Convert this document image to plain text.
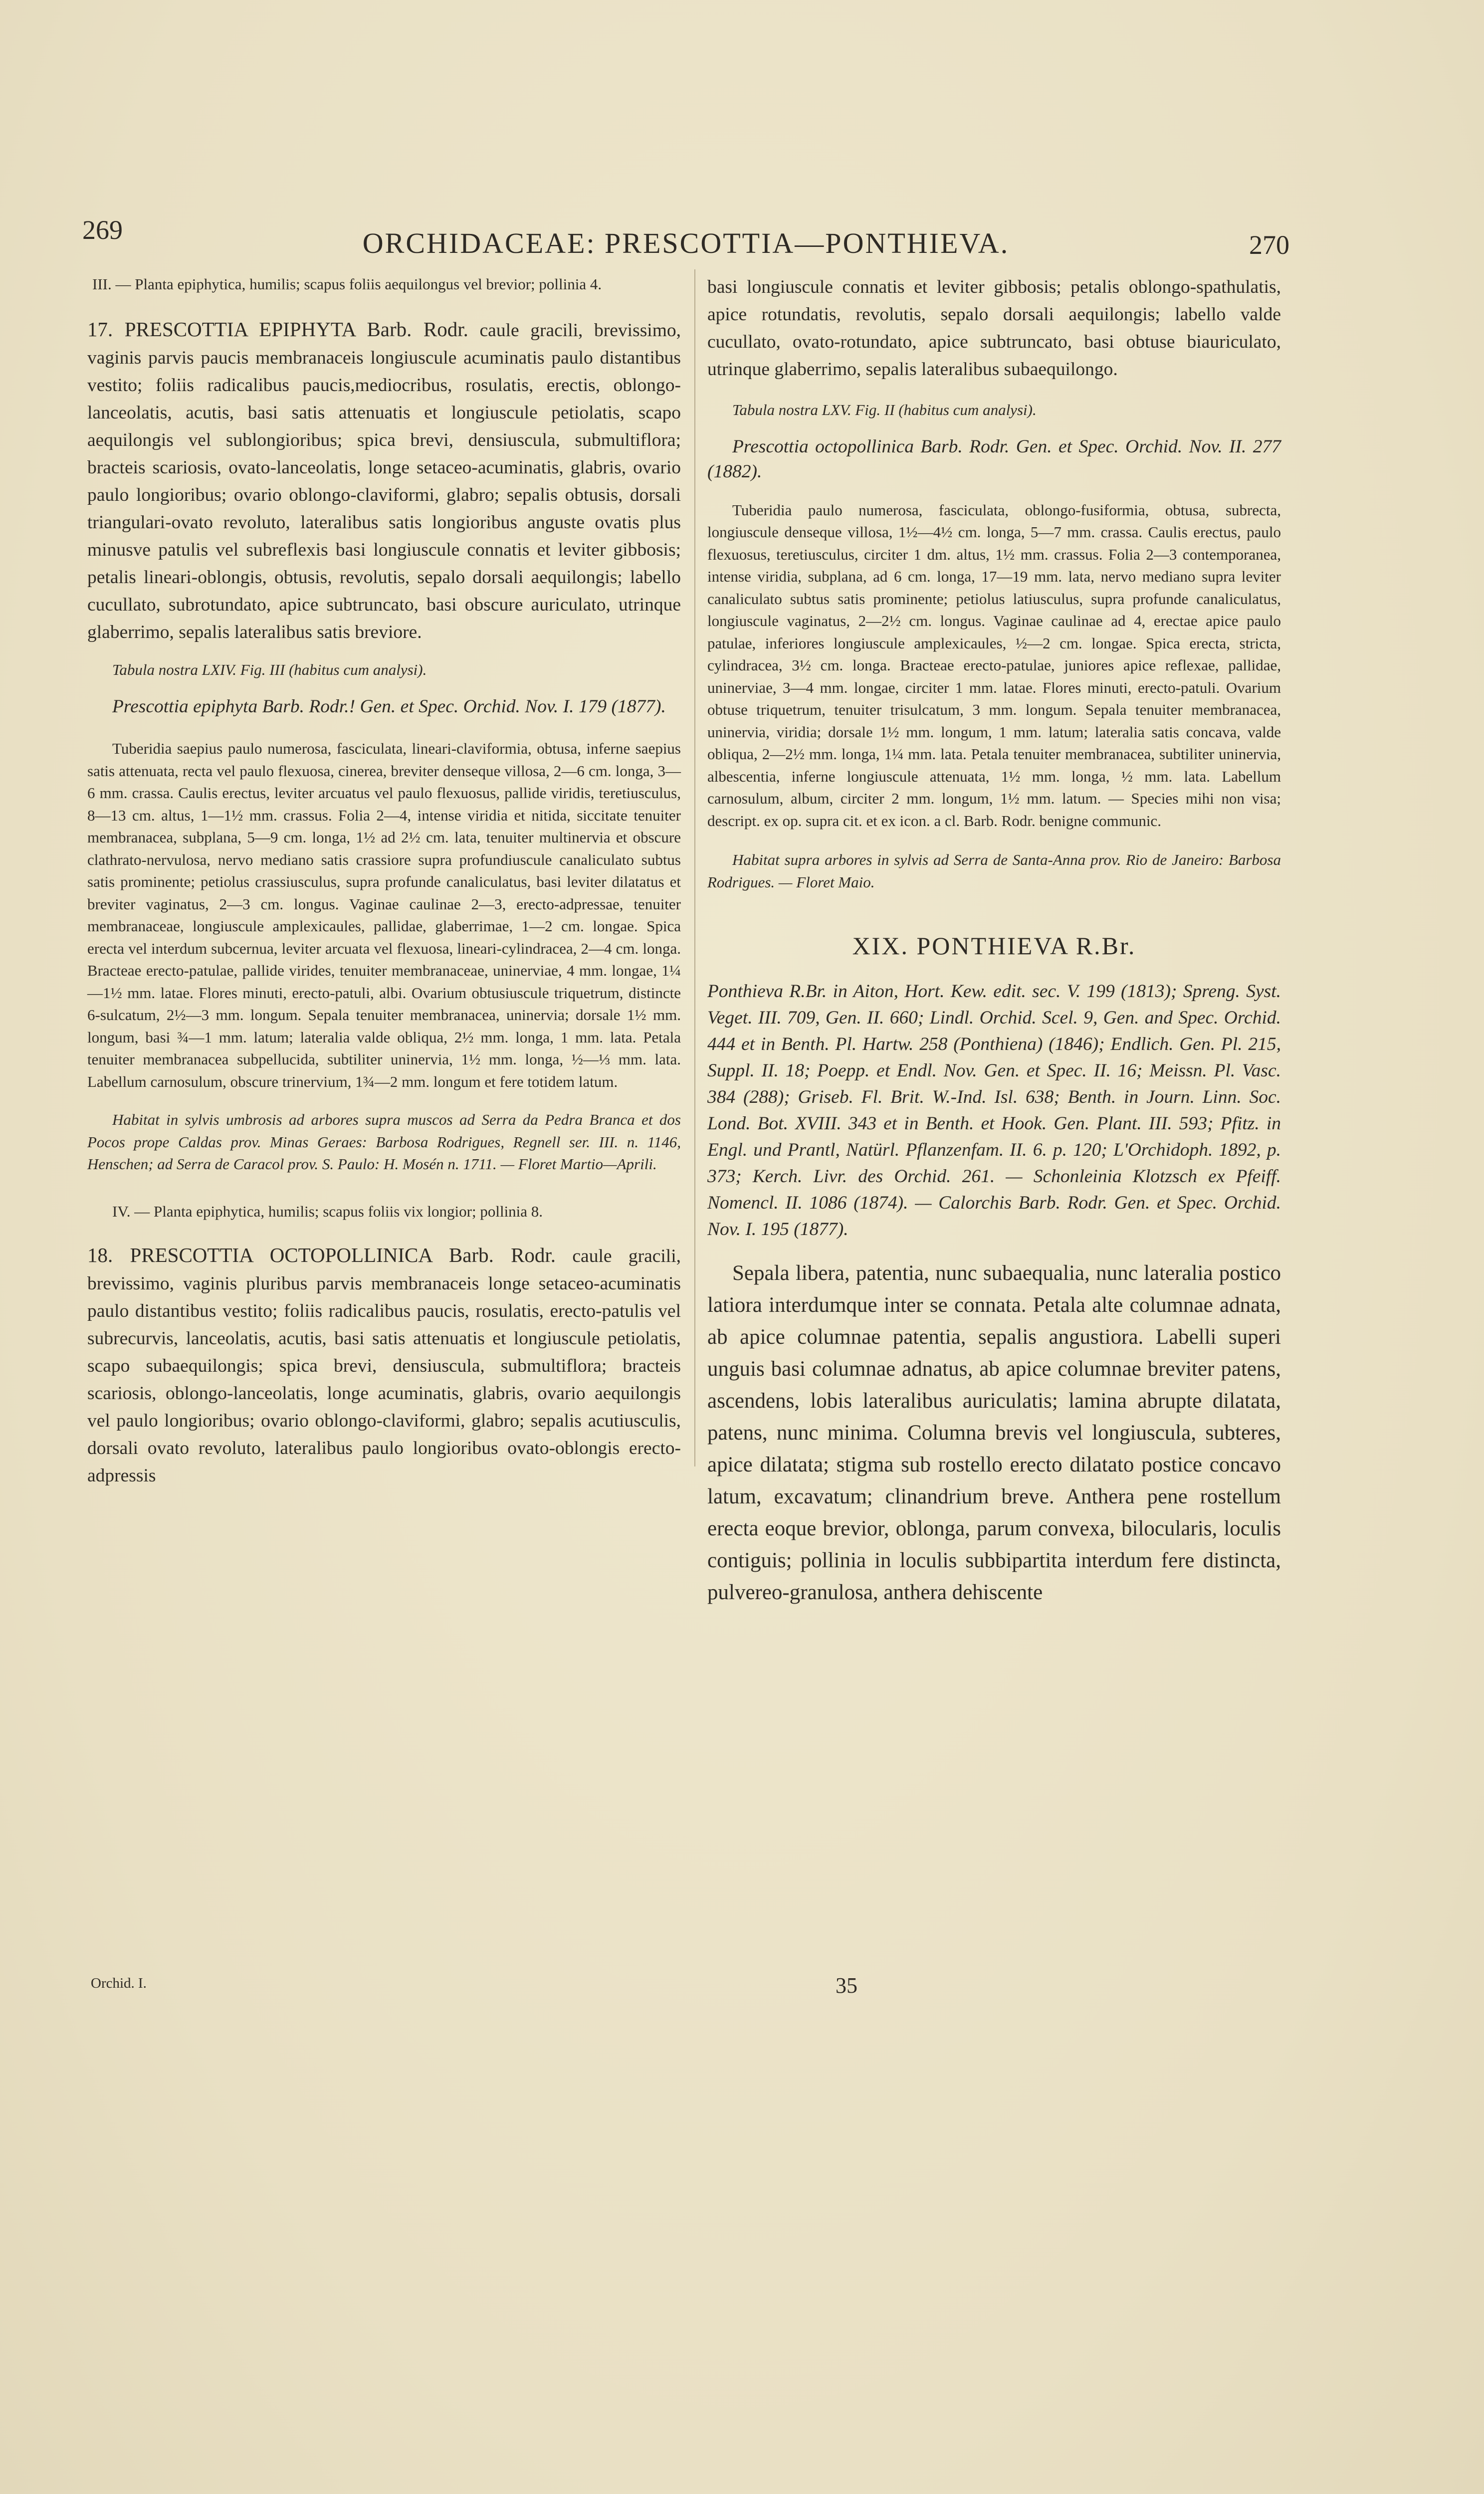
269	ORCHIDACEAE: PRESCOTTIA—PONTHIEVA.	270

III. — Planta epiphytica, humilis; scapus foliis aequilongus vel brevior; pollinia 4.

17. PRESCOTTIA EPIPHYTA Barb. Rodr. caule gracili, brevissimo, vaginis parvis paucis membranaceis longiuscule acuminatis paulo distantibus vestito; foliis radicalibus paucis,mediocribus, rosulatis, erectis, oblongo-lanceolatis, acutis, basi satis attenuatis et longiuscule petiolatis, scapo aequilongis vel sublongioribus; spica brevi, densiuscula, submultiflora; bracteis scariosis, ovato-lanceolatis, longe setaceo-acuminatis, glabris, ovario paulo longioribus; ovario oblongo-claviformi, glabro; sepalis obtusis, dorsali triangulari-ovato revoluto, lateralibus satis longioribus anguste ovatis plus minusve patulis vel subreflexis basi longiuscule connatis et leviter gibbosis; petalis lineari-oblongis, obtusis, revolutis, sepalo dorsali aequilongis; labello cucullato, subrotundato, apice subtruncato, basi obscure auriculato, utrinque glaberrimo, sepalis lateralibus satis breviore.

Tabula nostra LXIV. Fig. III (habitus cum analysi).

Prescottia epiphyta Barb. Rodr.! Gen. et Spec. Orchid. Nov. I. 179 (1877).

Tuberidia saepius paulo numerosa, fasciculata, lineari-claviformia, obtusa, inferne saepius satis attenuata, recta vel paulo flexuosa, cinerea, breviter denseque villosa, 2—6 cm. longa, 3—6 mm. crassa. Caulis erectus, leviter arcuatus vel paulo flexuosus, pallide viridis, teretiusculus, 8—13 cm. altus, 1—1½ mm. crassus. Folia 2—4, intense viridia et nitida, siccitate tenuiter membranacea, subplana, 5—9 cm. longa, 1½ ad 2½ cm. lata, tenuiter multinervia et obscure clathrato-nervulosa, nervo mediano satis crassiore supra profundiuscule canaliculato subtus satis prominente; petiolus crassiusculus, supra profunde canaliculatus, basi leviter dilatatus et breviter vaginatus, 2—3 cm. longus. Vaginae caulinae 2—3, erecto-adpressae, tenuiter membranaceae, longiuscule amplexicaules, pallidae, glaberrimae, 1—2 cm. longae. Spica erecta vel interdum subcernua, leviter arcuata vel flexuosa, lineari-cylindracea, 2—4 cm. longa. Bracteae erecto-patulae, pallide virides, tenuiter membranaceae, uninerviae, 4 mm. longae, 1¼—1½ mm. latae. Flores minuti, erecto-patuli, albi. Ovarium obtusiuscule triquetrum, distincte 6-sulcatum, 2½—3 mm. longum. Sepala tenuiter membranacea, uninervia; dorsale 1½ mm. longum, basi ¾—1 mm. latum; lateralia valde obliqua, 2½ mm. longa, 1 mm. lata. Petala tenuiter membranacea subpellucida, subtiliter uninervia, 1½ mm. longa, ½—⅓ mm. lata. Labellum carnosulum, obscure trinervium, 1¾—2 mm. longum et fere totidem latum.

Habitat in sylvis umbrosis ad arbores supra muscos ad Serra da Pedra Branca et dos Pocos prope Caldas prov. Minas Geraes: Barbosa Rodrigues, Regnell ser. III. n. 1146, Henschen; ad Serra de Caracol prov. S. Paulo: H. Mosén n. 1711. — Floret Martio—Aprili.

IV. — Planta epiphytica, humilis; scapus foliis vix longior; pollinia 8.

18. PRESCOTTIA OCTOPOLLINICA Barb. Rodr. caule gracili, brevissimo, vaginis pluribus parvis membranaceis longe setaceo-acuminatis paulo distantibus vestito; foliis radicalibus paucis, rosulatis, erecto-patulis vel subrecurvis, lanceolatis, acutis, basi satis attenuatis et longiuscule petiolatis, scapo subaequilongis; spica brevi, densiuscula, submultiflora; bracteis scariosis, oblongo-lanceolatis, longe acuminatis, glabris, ovario aequilongis vel paulo longioribus; ovario oblongo-claviformi, glabro; sepalis acutiusculis, dorsali ovato revoluto, lateralibus paulo longioribus ovato-oblongis erecto-adpressis

basi longiuscule connatis et leviter gibbosis; petalis oblongo-spathulatis, apice rotundatis, revolutis, sepalo dorsali aequilongis; labello valde cucullato, ovato-rotundato, apice subtruncato, basi obtuse biauriculato, utrinque glaberrimo, sepalis lateralibus subaequilongo.

Tabula nostra LXV. Fig. II (habitus cum analysi).

Prescottia octopollinica Barb. Rodr. Gen. et Spec. Orchid. Nov. II. 277 (1882).

Tuberidia paulo numerosa, fasciculata, oblongo-fusiformia, obtusa, subrecta, longiuscule denseque villosa, 1½—4½ cm. longa, 5—7 mm. crassa. Caulis erectus, paulo flexuosus, teretiusculus, circiter 1 dm. altus, 1½ mm. crassus. Folia 2—3 contemporanea, intense viridia, subplana, ad 6 cm. longa, 17—19 mm. lata, nervo mediano supra leviter canaliculato subtus satis prominente; petiolus latiusculus, supra profunde canaliculatus, longiuscule vaginatus, 2—2½ cm. longus. Vaginae caulinae ad 4, erectae apice paulo patulae, inferiores longiuscule amplexicaules, ½—2 cm. longae. Spica erecta, stricta, cylindracea, 3½ cm. longa. Bracteae erecto-patulae, juniores apice reflexae, pallidae, uninerviae, 3—4 mm. longae, circiter 1 mm. latae. Flores minuti, erecto-patuli. Ovarium obtuse triquetrum, tenuiter trisulcatum, 3 mm. longum. Sepala tenuiter membranacea, uninervia, viridia; dorsale 1½ mm. longum, 1 mm. latum; lateralia satis concava, valde obliqua, 2—2½ mm. longa, 1¼ mm. lata. Petala tenuiter membranacea, subtiliter uninervia, albescentia, inferne longiuscule attenuata, 1½ mm. longa, ½ mm. lata. Labellum carnosulum, album, circiter 2 mm. longum, 1½ mm. latum. — Species mihi non visa; descript. ex op. supra cit. et ex icon. a cl. Barb. Rodr. benigne communic.

Habitat supra arbores in sylvis ad Serra de Santa-Anna prov. Rio de Janeiro: Barbosa Rodrigues. — Floret Maio.

XIX. PONTHIEVA R.Br.

Ponthieva R.Br. in Aiton, Hort. Kew. edit. sec. V. 199 (1813); Spreng. Syst. Veget. III. 709, Gen. II. 660; Lindl. Orchid. Scel. 9, Gen. and Spec. Orchid. 444 et in Benth. Pl. Hartw. 258 (Ponthiena) (1846); Endlich. Gen. Pl. 215, Suppl. II. 18; Poepp. et Endl. Nov. Gen. et Spec. II. 16; Meissn. Pl. Vasc. 384 (288); Griseb. Fl. Brit. W.-Ind. Isl. 638; Benth. in Journ. Linn. Soc. Lond. Bot. XVIII. 343 et in Benth. et Hook. Gen. Plant. III. 593; Pfitz. in Engl. und Prantl, Natürl. Pflanzenfam. II. 6. p. 120; L'Orchidoph. 1892, p. 373; Kerch. Livr. des Orchid. 261. — Schonleinia Klotzsch ex Pfeiff. Nomencl. II. 1086 (1874). — Calorchis Barb. Rodr. Gen. et Spec. Orchid. Nov. I. 195 (1877).

Sepala libera, patentia, nunc subaequalia, nunc lateralia postico latiora interdumque inter se connata. Petala alte columnae adnata, ab apice columnae patentia, sepalis angustiora. Labelli superi unguis basi columnae adnatus, ab apice columnae breviter patens, ascendens, lobis lateralibus auriculatis; lamina abrupte dilatata, patens, nunc minima. Columna brevis vel longiuscula, subteres, apice dilatata; stigma sub rostello erecto dilatato postice concavo latum, excavatum; clinandrium breve. Anthera pene rostellum erecta eoque brevior, oblonga, parum convexa, bilocularis, loculis contiguis; pollinia in loculis subbipartita interdum fere distincta, pulvereo-granulosa, anthera dehiscente

Orchid. I.	35
